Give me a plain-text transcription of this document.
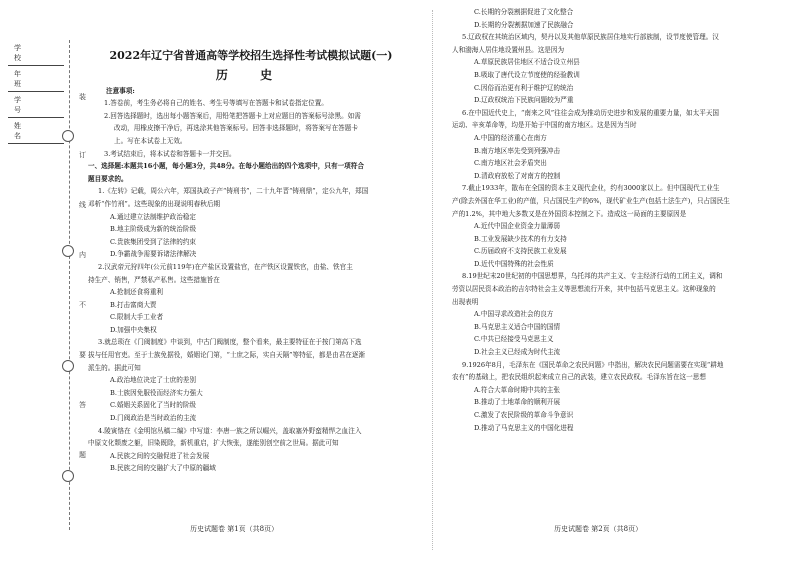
学 校	
年 班	
学 号	
姓 名	
装
订
线
内
不
要
答
题
2022年辽宁省普通高等学校招生选择性考试模拟试题(一)
历 史
注意事项:
1.答卷前，考生务必将自己的姓名、考生号等填写在答题卡和试卷指定位置。
2.回答选择题时，选出每小题答案后，用铅笔把答题卡上对应题目的答案标号涂黑。如需
改动，用橡皮擦干净后，再选涂其他答案标号。回答非选择题时，将答案写在答题卡
上。写在本试卷上无效。
3.考试结束后，将本试卷和答题卡一并交回。
一、选择题:本题共16小题，每小题3分，共48分。在每小题给出的四个选项中，只有一项符合
题目要求的。
1.《左转》记载，周公六年，郑国执政子产“铸刑书”，二十九年晋“铸刑鼎”，定公九年，郑国
邓析“作竹刑”。这些现象的出现说明春秋后期
A.通过建立法制维护政治稳定
B.地主阶级成为新的统治阶级
C.贵族集团受到了法律的约束
D.争霸战争需要诉诸法律解决
2.汉武帝元狩四年(公元前119年)在产盐区设置盐官，在产铁区设置铁官，由盐、铁官主
持生产、销售，严禁私产私售。这些措施旨在
A.抢制还食将重利
B.打击富商大贾
C.限制大手工业者
D.加强中央集权
3.就总琐在《门阀制度》中谈到，中古门阀制度，整个看来，最主要特征在于按门第高下选
拔与任用官吏。至于士族免据役，婚姻论门第，“士庶之际，实自天隔”等特征，都是由君在逐渐
派生的。据此可知
A.政治地位决定了士庶的差别
B.士族因免服役而经济实力强大
C.婚姻关系固化了当时的阶级
D.门阀政治是当时政治的主流
4.陵寅恪在《金明馆丛稿二编》中写道：李唐一族之所以崛兴，盖取塞外野蛮精悍之血注入
中原文化颓废之躯，旧染既除，新机重启，扩大恢张，遂能别创空前之世局。据此可知
A.民族之间的交融促进了社会发展
B.民族之间的交融扩大了中原的疆域
C.长期的分裂割据促进了文化整合
D.长期的分裂割据加速了民族融合
5.辽政权在其统治区域内，契丹以及其他草原民族居住地实行部族制，设节度使管理。汉
人和渤海人居住地设置州县。这是因为
A.草原民族居住地区不适合设立州县
B.吸取了唐代设立节度使的经验教训
C.因俗而治更有利于维护辽的统治
D.辽政权统治下民族问题较为严重
6.在中国近代史上，“南来之风”往往会成为推动历史进步和发展的重要力量，如太平天国
运动、辛亥革命等，均是开始于中国的南方地区。这是因为当时
A.中国的经济重心在南方
B.南方地区率先受到列强冲击
C.南方地区社会矛盾突出
D.清政府放松了对南方的控制
7.截止1933年，散布在全国的资本主义现代企业，约有3000家以上。但中国现代工业生
产(除去外国在华工业)的产值，只占国民生产的6%，现代矿业生产(包括土法生产)，只占国民生
产的1.2%，其中地大多数又是在外国资本控制之下。造成这一局面的主要原因是
A.近代中国企业资金力量薄弱
B.工业发展缺少技术的有力支持
C.历届政府不支持民族工业发展
D.近代中国特殊的社会性质
8.19世纪末20世纪初的中国思想界，乌托邦的共产主义、专主经济行动的工团主义，调和
劳资以居民资本政治的吉尔特社会主义等思想流行开来，其中包括马克思主义。这种现象的
出现表明
A.中国寻求改造社会的良方
B.马克思主义适合中国的国情
C.中共已经接受马克思主义
D.社会主义已经成为时代主流
9.1926年8月，毛泽东在《国民革命之农民问题》中指出，解决农民问题需要在实现“耕地
农有”的基础上，把农民组织起来成立自己的武装，建立农民政权。毛泽东旨在这一思想
A.符合大革命时期中共的主张
B.推动了土地革命的顺利开展
C.激发了农民阶级的革命斗争意识
D.推动了马克思主义的中国化进程
历史试题卷 第1页（共8页）	历史试题卷 第2页（共8页）
